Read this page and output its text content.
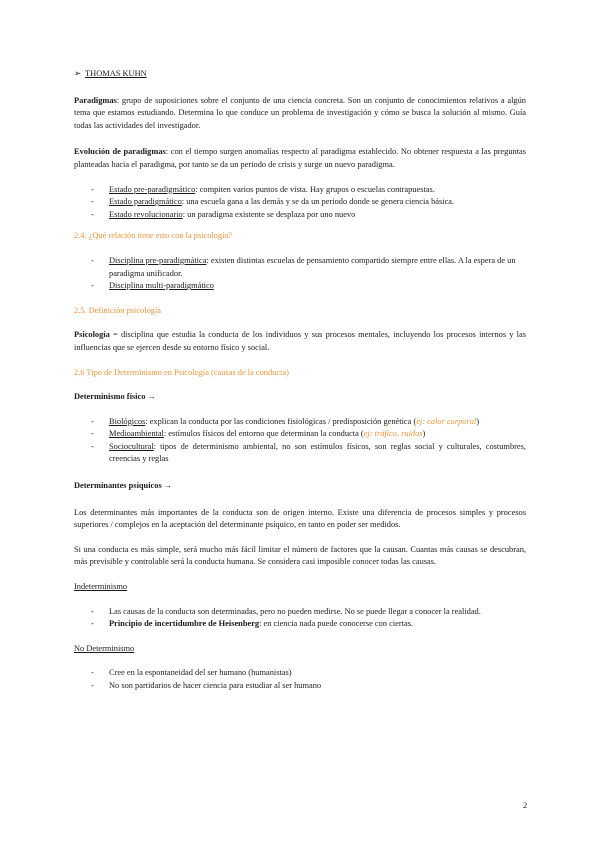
➢ THOMAS KUHN

Paradigmas: grupo de suposiciones sobre el conjunto de una ciencia concreta. Son un conjunto de conocimientos relativos a algún tema que estamos estudiando. Determina lo que conduce un problema de investigación y cómo se busca la solución al mismo. Guía todas las actividades del investigador.

Evolución de paradigmas: con el tiempo surgen anomalías respecto al paradigma establecido. No obtener respuesta a las preguntas planteadas hacia el paradigma, por tanto se da un periodo de crisis y surge un nuevo paradigma.

- Estado pre-paradigmático: compiten varios puntos de vista. Hay grupos o escuelas contrapuestas.
- Estado paradigmático: una escuela gana a las demás y se da un periodo donde se genera ciencia básica.
- Estado revolucionario: un paradigma existente se desplaza por uno nuevo

2.4. ¿Qué relación tiene esto con la psicología?

- Disciplina pre-paradigmática: existen distintas escuelas de pensamiento compartido siempre entre ellas. A la espera de un paradigma unificador.
- Disciplina multi-paradigmático

2.5. Definición psicología

Psicología = disciplina que estudia la conducta de los individuos y sus procesos mentales, incluyendo los procesos internos y las influencias que se ejercen desde su entorno físico y social.

2.6 Tipo de Determinismo en Psicología (causas de la conducta)

Determinismo físico →

- Biológicos: explican la conducta por las condiciones fisiológicas / predisposición genética (ej: calor corporal)
- Medioambiental: estímulos físicos del entorno que determinan la conducta (ej: tráfico, ruidos)
- Sociocultural: tipos de determinismo ambiental, no son estímulos físicos, son reglas social y culturales, costumbres, creencias y reglas

Determinantes psíquicos →

Los determinantes más importantes de la conducta son de origen interno. Existe una diferencia de procesos simples y procesos superiores / complejos en la aceptación del determinante psíquico, en tanto en poder ser medidos.

Si una conducta es más simple, será mucho más fácil limitar el número de factores que la causan. Cuantas más causas se descubran, más previsible y controlable será la conducta humana. Se considera casi imposible conocer todas las causas.

Indeterminismo

- Las causas de la conducta son determinadas, pero no pueden medirse. No se puede llegar a conocer la realidad.
- Principio de incertidumbre de Heisenberg: en ciencia nada puede conocerse con ciertas.

No Determinismo

- Cree en la espontaneidad del ser humano (humanistas)
- No son partidarios de hacer ciencia para estudiar al ser humano
2
